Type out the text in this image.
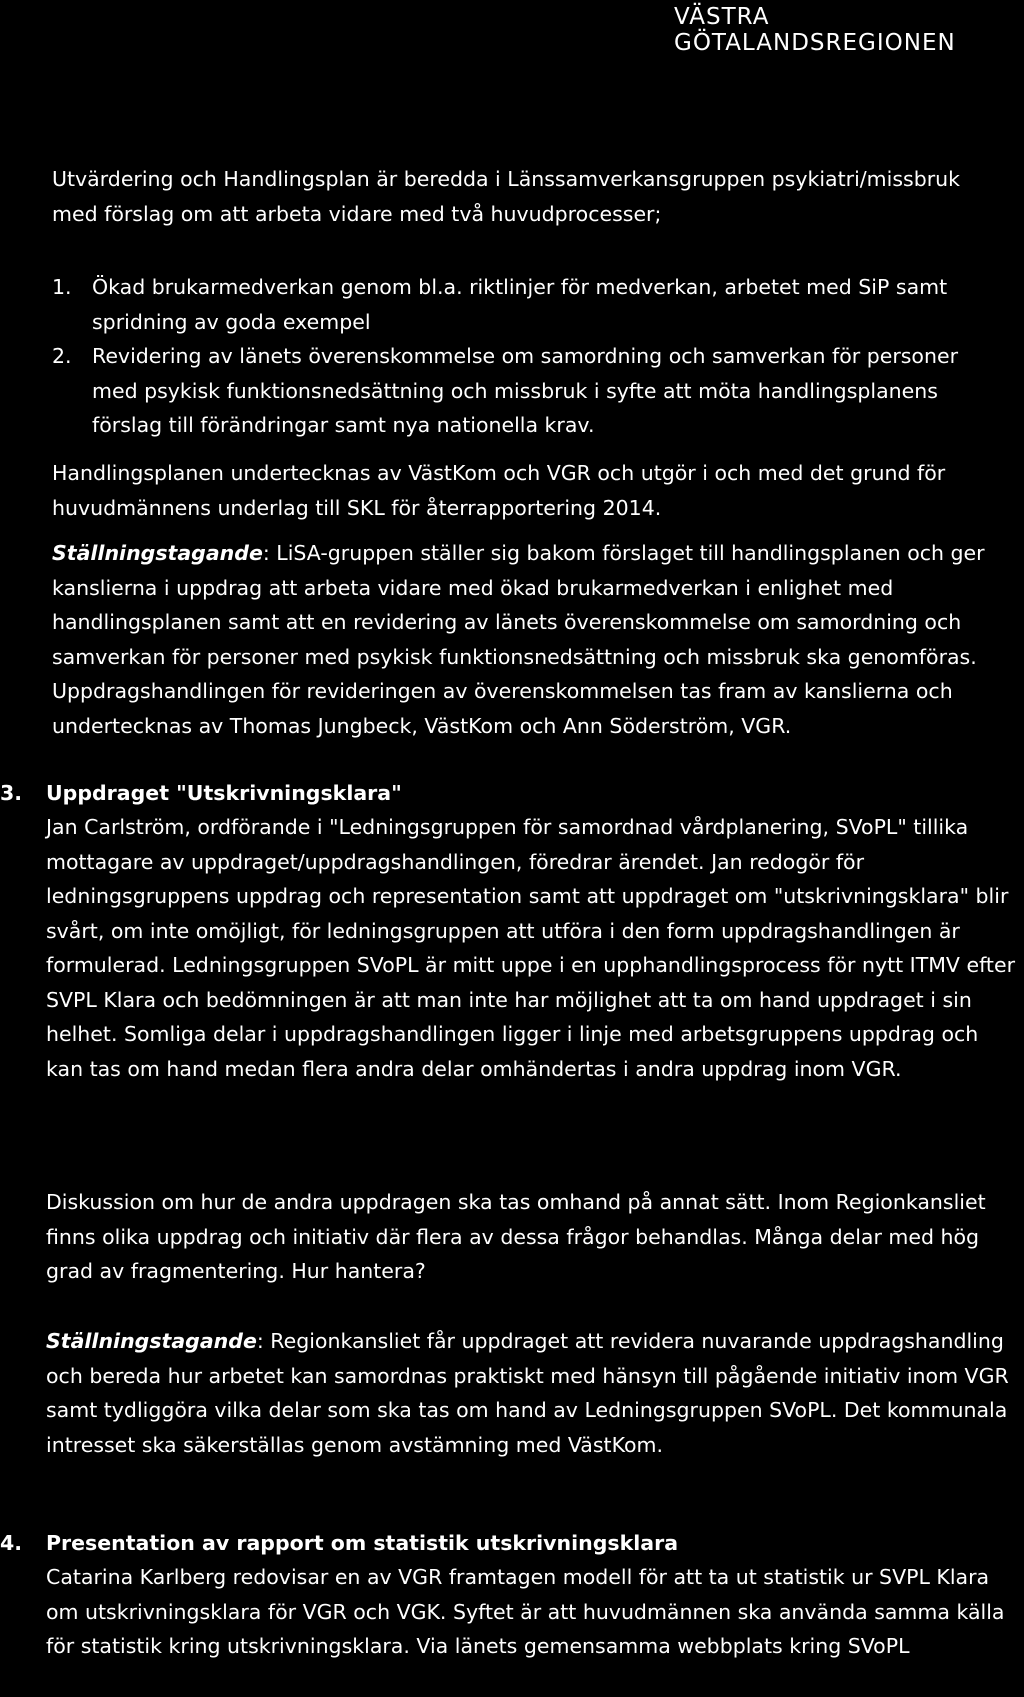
VÄSTRA
GÖTALANDSREGIONEN
Utvärdering och Handlingsplan är beredda i Länssamverkansgruppen psykiatri/missbruk med förslag om att arbeta vidare med två huvudprocesser;
1. Ökad brukarmedverkan genom bl.a. riktlinjer för medverkan, arbetet med SiP samt spridning av goda exempel
2. Revidering av länets överenskommelse om samordning och samverkan för personer med psykisk funktionsnedsättning och missbruk i syfte att möta handlingsplanens förslag till förändringar samt nya nationella krav.
Handlingsplanen undertecknas av VästKom och VGR och utgör i och med det grund för huvudmännens underlag till SKL för återrapportering 2014.
Ställningstagande: LiSA-gruppen ställer sig bakom förslaget till handlingsplanen och ger kanslierna i uppdrag att arbeta vidare med ökad brukarmedverkan i enlighet med handlingsplanen samt att en revidering av länets överenskommelse om samordning och samverkan för personer med psykisk funktionsnedsättning och missbruk ska genomföras. Uppdragshandlingen för revideringen av överenskommelsen tas fram av kanslierna och undertecknas av Thomas Jungbeck, VästKom och Ann Söderström, VGR.
3. Uppdraget "Utskrivningsklara"
Jan Carlström, ordförande i "Ledningsgruppen för samordnad vårdplanering, SVoPL" tillika mottagare av uppdraget/uppdragshandlingen, föredrar ärendet. Jan redogör för ledningsgruppens uppdrag och representation samt att uppdraget om "utskrivningsklara" blir svårt, om inte omöjligt, för ledningsgruppen att utföra i den form uppdragshandlingen är formulerad. Ledningsgruppen SVoPL är mitt uppe i en upphandlingsprocess för nytt ITMV efter SVPL Klara och bedömningen är att man inte har möjlighet att ta om hand uppdraget i sin helhet. Somliga delar i uppdragshandlingen ligger i linje med arbetsgruppens uppdrag och kan tas om hand medan flera andra delar omhändertas i andra uppdrag inom VGR.
Diskussion om hur de andra uppdragen ska tas omhand på annat sätt. Inom Regionkansliet finns olika uppdrag och initiativ där flera av dessa frågor behandlas. Många delar med hög grad av fragmentering. Hur hantera?
Ställningstagande: Regionkansliet får uppdraget att revidera nuvarande uppdragshandling och bereda hur arbetet kan samordnas praktiskt med hänsyn till pågående initiativ inom VGR samt tydliggöra vilka delar som ska tas om hand av Ledningsgruppen SVoPL. Det kommunala intresset ska säkerställas genom avstämning med VästKom.
4. Presentation av rapport om statistik utskrivningsklara
Catarina Karlberg redovisar en av VGR framtagen modell för att ta ut statistik ur SVPL Klara om utskrivningsklara för VGR och VGK. Syftet är att huvudmännen ska använda samma källa för statistik kring utskrivningsklara. Via länets gemensamma webbplats kring SVoPL
